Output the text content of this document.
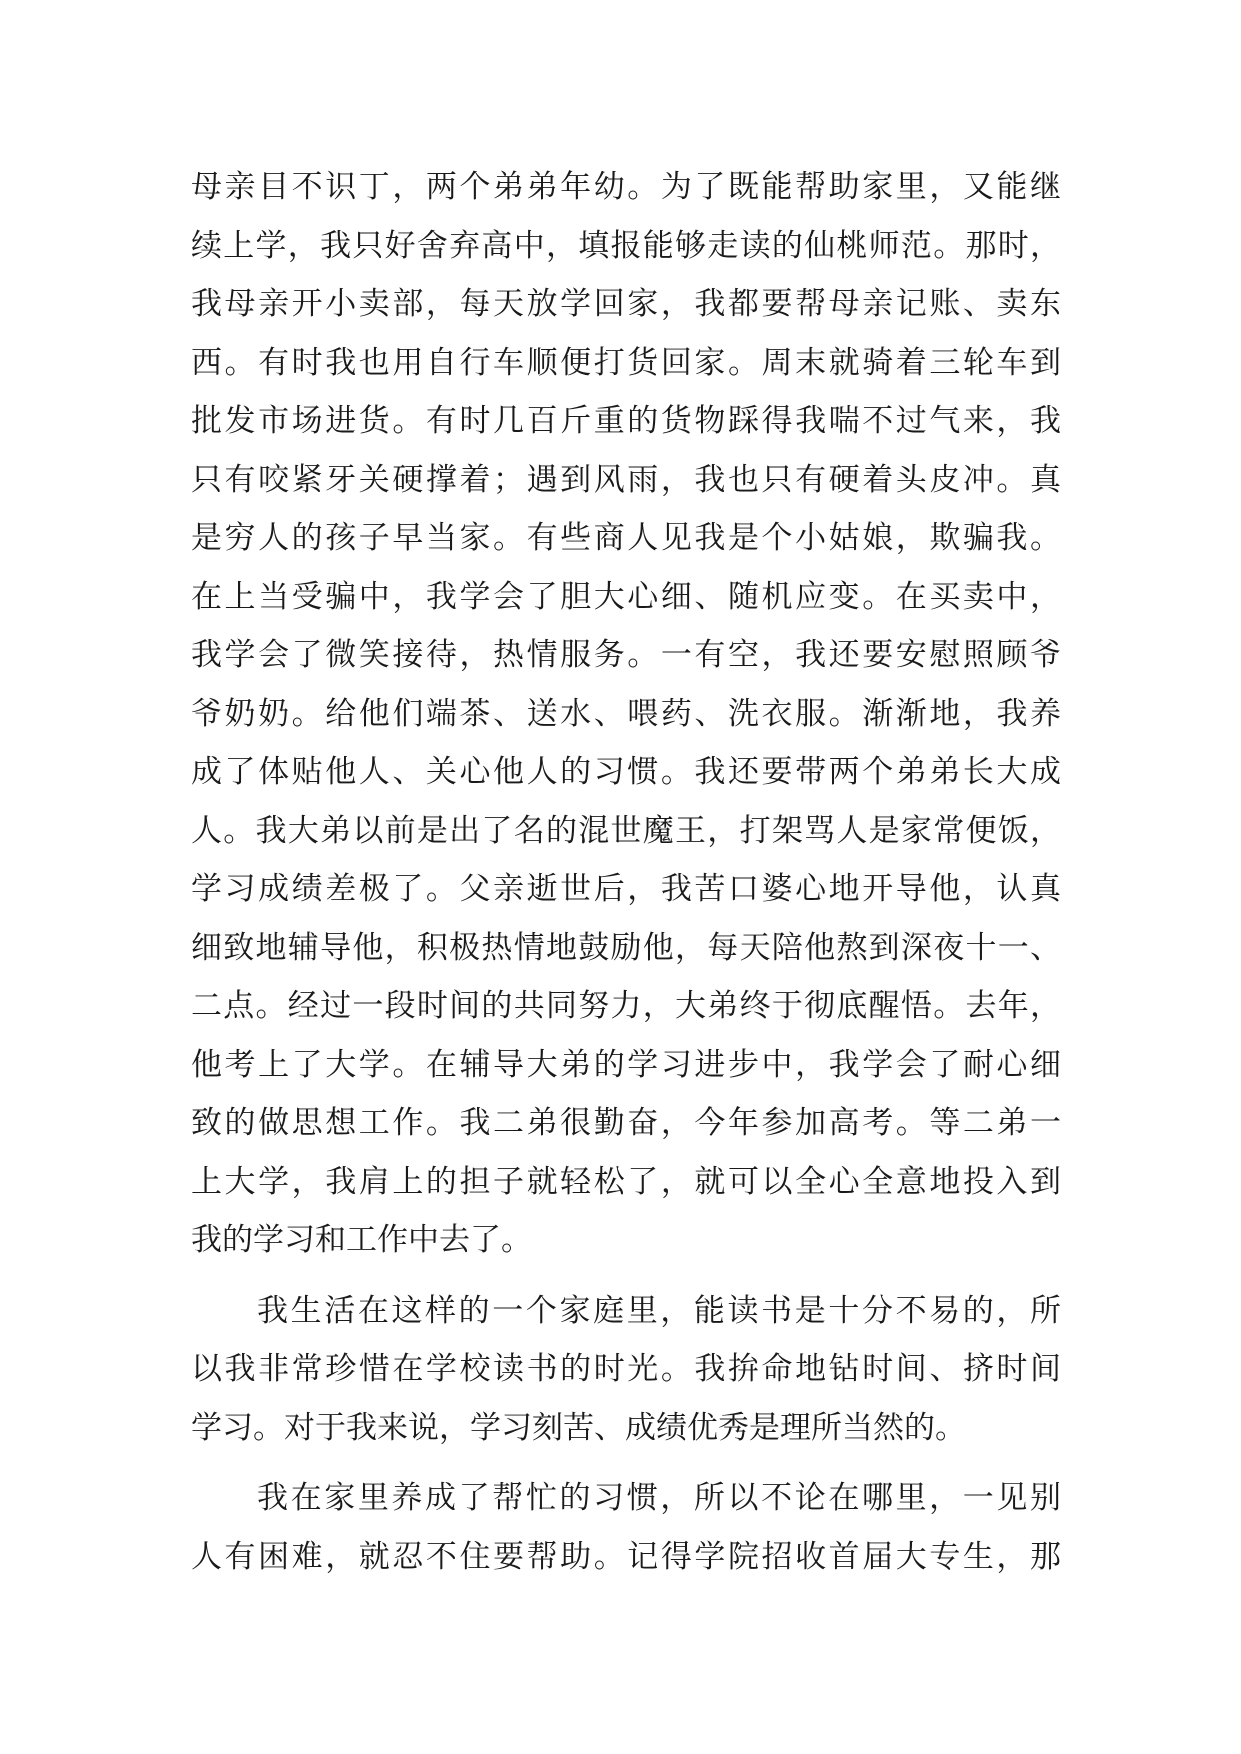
母亲目不识丁，两个弟弟年幼。为了既能帮助家里，又能继
续上学，我只好舍弃高中，填报能够走读的仙桃师范。那时，
我母亲开小卖部，每天放学回家，我都要帮母亲记账、卖东
西。有时我也用自行车顺便打货回家。周末就骑着三轮车到
批发市场进货。有时几百斤重的货物踩得我喘不过气来，我
只有咬紧牙关硬撑着；遇到风雨，我也只有硬着头皮冲。真
是穷人的孩子早当家。有些商人见我是个小姑娘，欺骗我。
在上当受骗中，我学会了胆大心细、随机应变。在买卖中，
我学会了微笑接待，热情服务。一有空，我还要安慰照顾爷
爷奶奶。给他们端茶、送水、喂药、洗衣服。渐渐地，我养
成了体贴他人、关心他人的习惯。我还要带两个弟弟长大成
人。我大弟以前是出了名的混世魔王，打架骂人是家常便饭，
学习成绩差极了。父亲逝世后，我苦口婆心地开导他，认真
细致地辅导他，积极热情地鼓励他，每天陪他熬到深夜十一、
二点。经过一段时间的共同努力，大弟终于彻底醒悟。去年，
他考上了大学。在辅导大弟的学习进步中，我学会了耐心细
致的做思想工作。我二弟很勤奋，今年参加高考。等二弟一
上大学，我肩上的担子就轻松了，就可以全心全意地投入到
我的学习和工作中去了。
我生活在这样的一个家庭里，能读书是十分不易的，所
以我非常珍惜在学校读书的时光。我拚命地钻时间、挤时间
学习。对于我来说，学习刻苦、成绩优秀是理所当然的。
我在家里养成了帮忙的习惯，所以不论在哪里，一见别
人有困难，就忍不住要帮助。记得学院招收首届大专生，那
